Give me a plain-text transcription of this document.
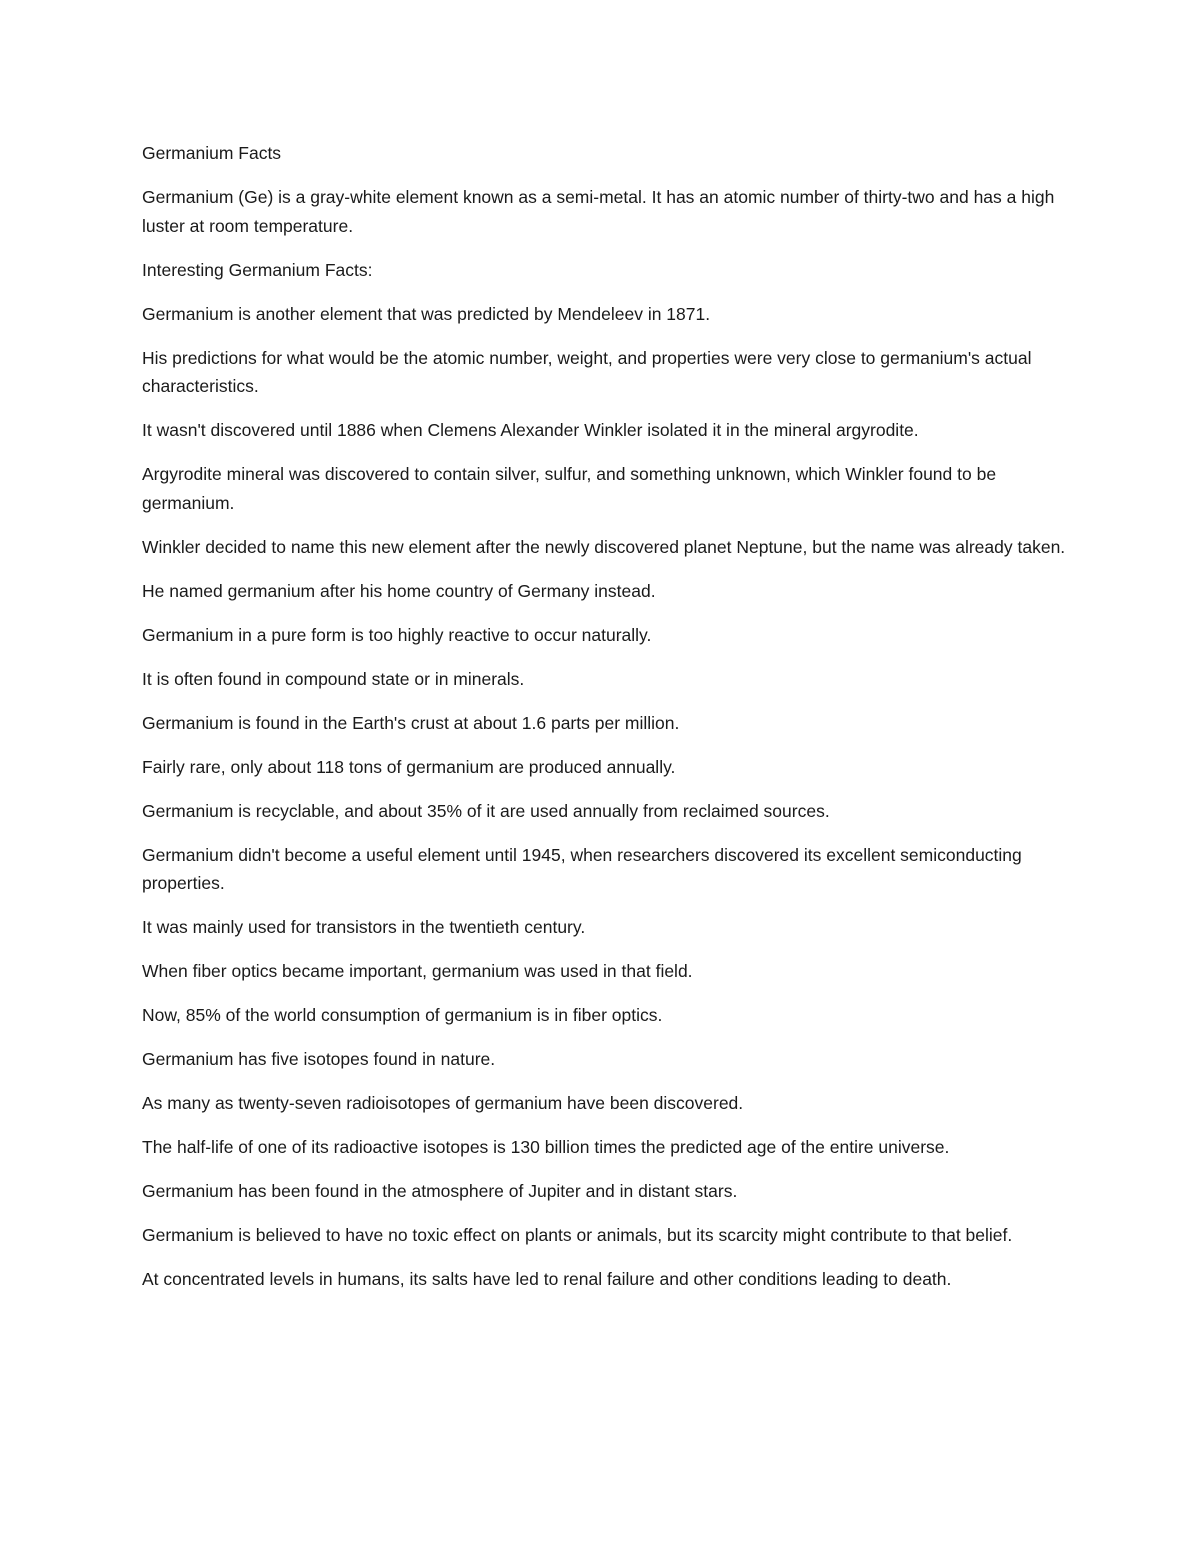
Germanium Facts

Germanium (Ge) is a gray-white element known as a semi-metal. It has an atomic number of thirty-two and has a high luster at room temperature.

Interesting Germanium Facts:

Germanium is another element that was predicted by Mendeleev in 1871.

His predictions for what would be the atomic number, weight, and properties were very close to germanium's actual characteristics.

It wasn't discovered until 1886 when Clemens Alexander Winkler isolated it in the mineral argyrodite.

Argyrodite mineral was discovered to contain silver, sulfur, and something unknown, which Winkler found to be germanium.

Winkler decided to name this new element after the newly discovered planet Neptune, but the name was already taken.

He named germanium after his home country of Germany instead.

Germanium in a pure form is too highly reactive to occur naturally.

It is often found in compound state or in minerals.

Germanium is found in the Earth's crust at about 1.6 parts per million.

Fairly rare, only about 118 tons of germanium are produced annually.

Germanium is recyclable, and about 35% of it are used annually from reclaimed sources.

Germanium didn't become a useful element until 1945, when researchers discovered its excellent semiconducting properties.

It was mainly used for transistors in the twentieth century.

When fiber optics became important, germanium was used in that field.

Now, 85% of the world consumption of germanium is in fiber optics.

Germanium has five isotopes found in nature.

As many as twenty-seven radioisotopes of germanium have been discovered.

The half-life of one of its radioactive isotopes is 130 billion times the predicted age of the entire universe.

Germanium has been found in the atmosphere of Jupiter and in distant stars.

Germanium is believed to have no toxic effect on plants or animals, but its scarcity might contribute to that belief.

At concentrated levels in humans, its salts have led to renal failure and other conditions leading to death.
